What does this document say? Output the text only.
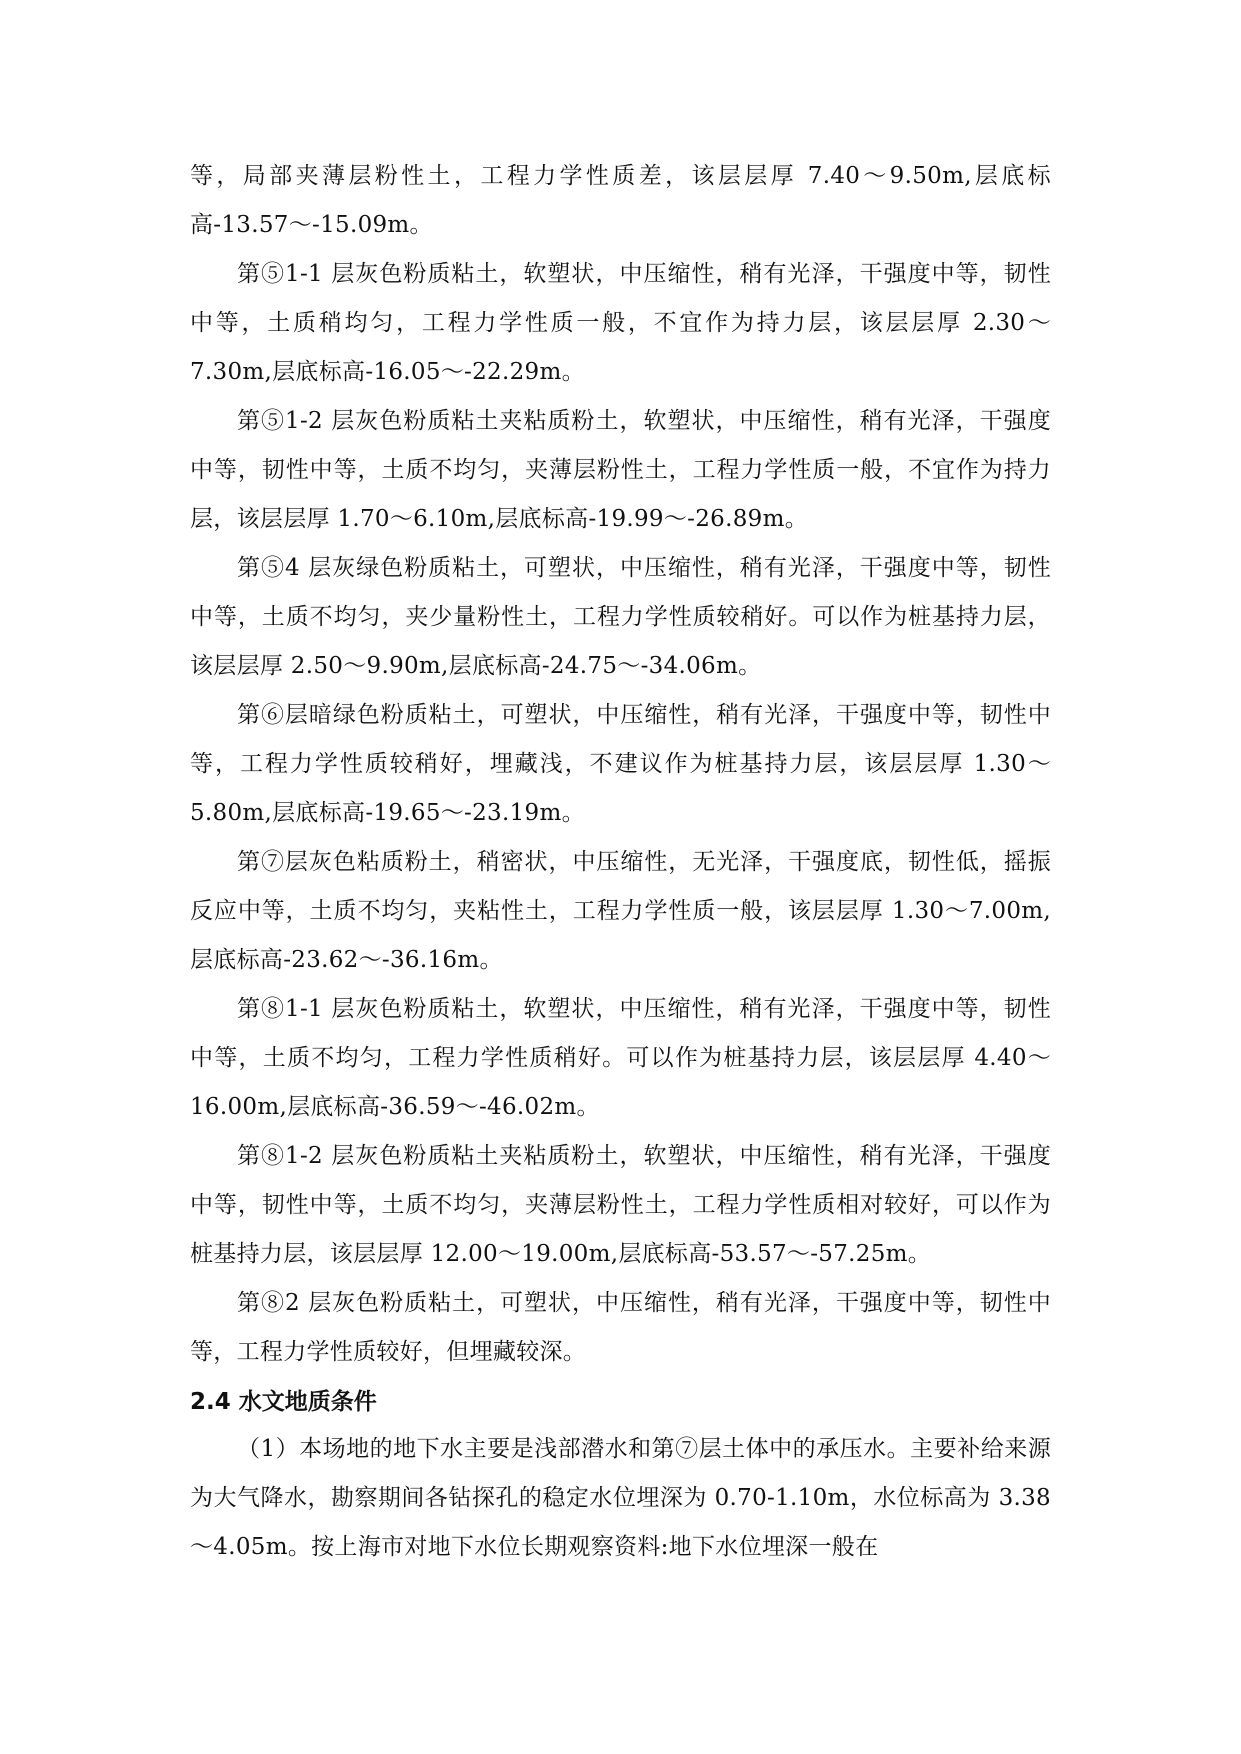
等，局部夹薄层粉性土，工程力学性质差，该层层厚 7.40～9.50m,层底标高-13.57～-15.09m。

第⑤1-1 层灰色粉质粘土，软塑状，中压缩性，稍有光泽，干强度中等，韧性中等，土质稍均匀，工程力学性质一般，不宜作为持力层，该层层厚 2.30～7.30m,层底标高-16.05～-22.29m。

第⑤1-2 层灰色粉质粘土夹粘质粉土，软塑状，中压缩性，稍有光泽，干强度中等，韧性中等，土质不均匀，夹薄层粉性土，工程力学性质一般，不宜作为持力层，该层层厚 1.70～6.10m,层底标高-19.99～-26.89m。

第⑤4 层灰绿色粉质粘土，可塑状，中压缩性，稍有光泽，干强度中等，韧性中等，土质不均匀，夹少量粉性土，工程力学性质较稍好。可以作为桩基持力层，该层层厚 2.50～9.90m,层底标高-24.75～-34.06m。

第⑥层暗绿色粉质粘土，可塑状，中压缩性，稍有光泽，干强度中等，韧性中等，工程力学性质较稍好，埋藏浅，不建议作为桩基持力层，该层层厚 1.30～5.80m,层底标高-19.65～-23.19m。

第⑦层灰色粘质粉土，稍密状，中压缩性，无光泽，干强度底，韧性低，摇振反应中等，土质不均匀，夹粘性土，工程力学性质一般，该层层厚 1.30～7.00m,层底标高-23.62～-36.16m。

第⑧1-1 层灰色粉质粘土，软塑状，中压缩性，稍有光泽，干强度中等，韧性中等，土质不均匀，工程力学性质稍好。可以作为桩基持力层，该层层厚 4.40～16.00m,层底标高-36.59～-46.02m。

第⑧1-2 层灰色粉质粘土夹粘质粉土，软塑状，中压缩性，稍有光泽，干强度中等，韧性中等，土质不均匀，夹薄层粉性土，工程力学性质相对较好，可以作为桩基持力层，该层层厚 12.00～19.00m,层底标高-53.57～-57.25m。

第⑧2 层灰色粉质粘土，可塑状，中压缩性，稍有光泽，干强度中等，韧性中等，工程力学性质较好，但埋藏较深。

2.4 水文地质条件

（1）本场地的地下水主要是浅部潜水和第⑦层土体中的承压水。主要补给来源为大气降水，勘察期间各钻探孔的稳定水位埋深为 0.70-1.10m，水位标高为 3.38～4.05m。按上海市对地下水位长期观察资料:地下水位埋深一般在
